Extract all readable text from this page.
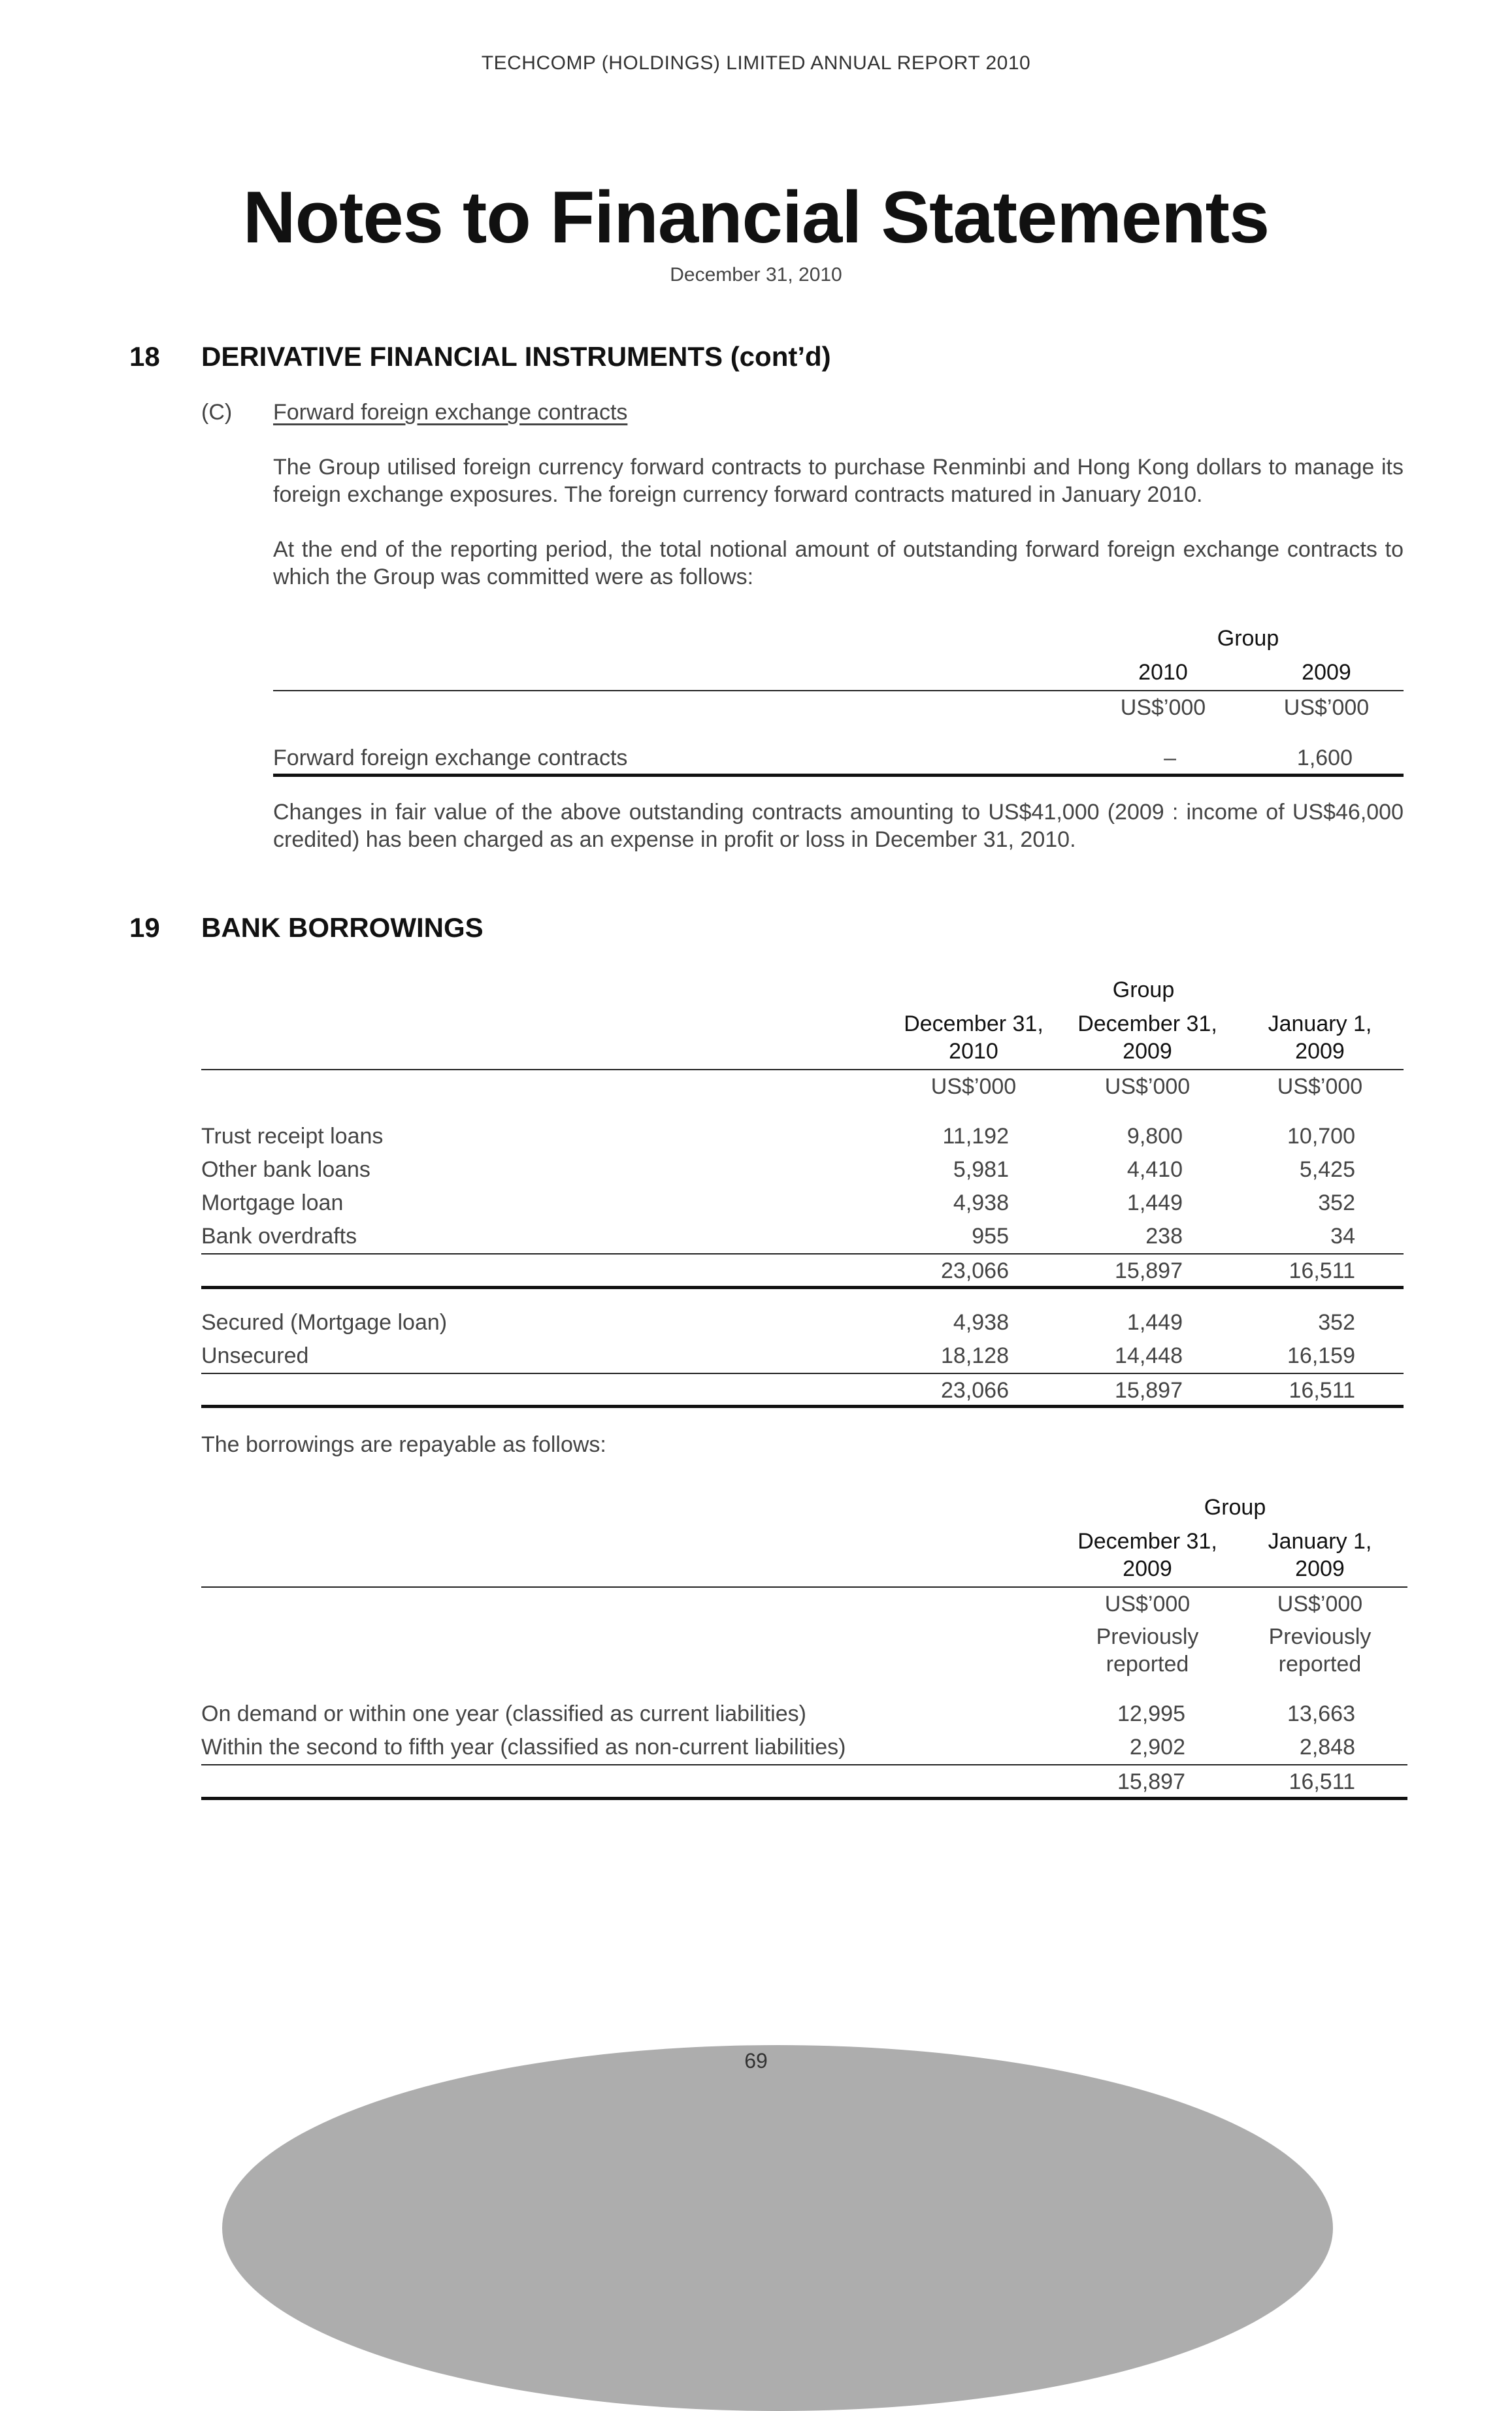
TECHCOMP (HOLDINGS) LIMITED ANNUAL REPORT 2010
Notes to Financial Statements
December 31, 2010
18 DERIVATIVE FINANCIAL INSTRUMENTS (cont’d)
(C) Forward foreign exchange contracts
The Group utilised foreign currency forward contracts to purchase Renminbi and Hong Kong dollars to manage its foreign exchange exposures. The foreign currency forward contracts matured in January 2010.
At the end of the reporting period, the total notional amount of outstanding forward foreign exchange contracts to which the Group was committed were as follows:
Group
2010	2009
US$’000	US$’000
Forward foreign exchange contracts	–	1,600
Changes in fair value of the above outstanding contracts amounting to US$41,000 (2009 : income of US$46,000 credited) has been charged as an expense in profit or loss in December 31, 2010.
19 BANK BORROWINGS
Group
December 31,
2010
December 31,
2009
January 1,
2009
US$’000	US$’000	US$’000
Trust receipt loans	11,192	9,800	10,700
Other bank loans	5,981	4,410	5,425
Mortgage loan	4,938	1,449	352
Bank overdrafts	955	238	34
23,066	15,897	16,511
Secured (Mortgage loan)	4,938	1,449	352
Unsecured	18,128	14,448	16,159
23,066	15,897	16,511
The borrowings are repayable as follows:
Group
December 31,
2009
January 1,
2009
US$’000	US$’000
Previously
reported
Previously
reported
On demand or within one year (classified as current liabilities)	12,995	13,663
Within the second to fifth year (classified as non-current liabilities)	2,902	2,848
15,897	16,511
69
